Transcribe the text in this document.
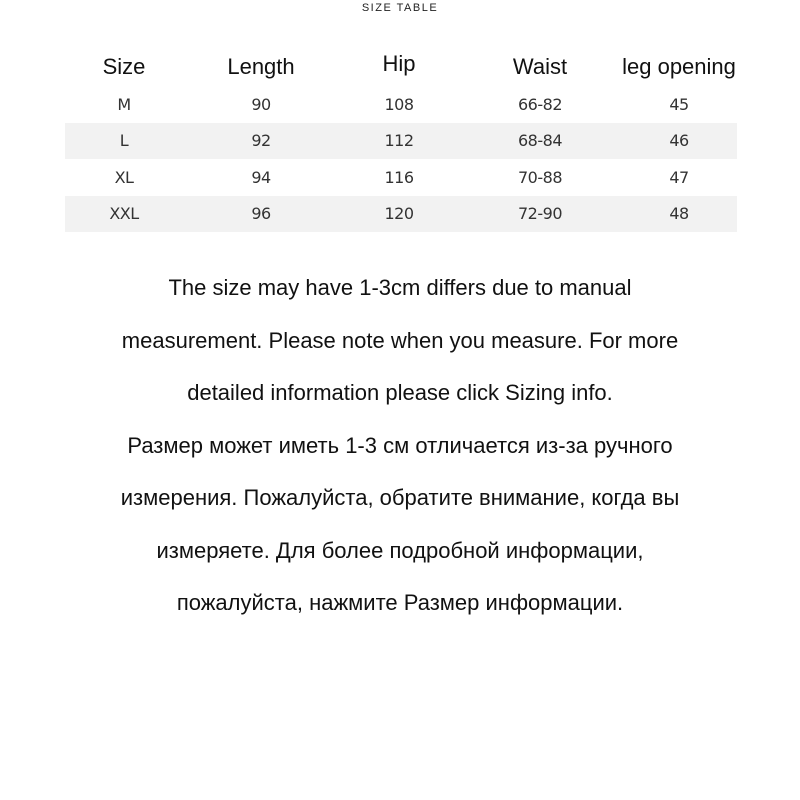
SIZE TABLE
Size	Length	Hip	Waist	leg opening
M	90	108	66-82	45
L	92	112	68-84	46
XL	94	116	70-88	47
XXL	96	120	72-90	48
The size may have 1-3cm differs due to manual
measurement. Please note when you measure. For more
detailed information please click Sizing info.
Размер может иметь 1-3 см отличается из-за ручного
измерения. Пожалуйста, обратите внимание, когда вы
измеряете. Для более подробной информации,
пожалуйста, нажмите Размер информации.
